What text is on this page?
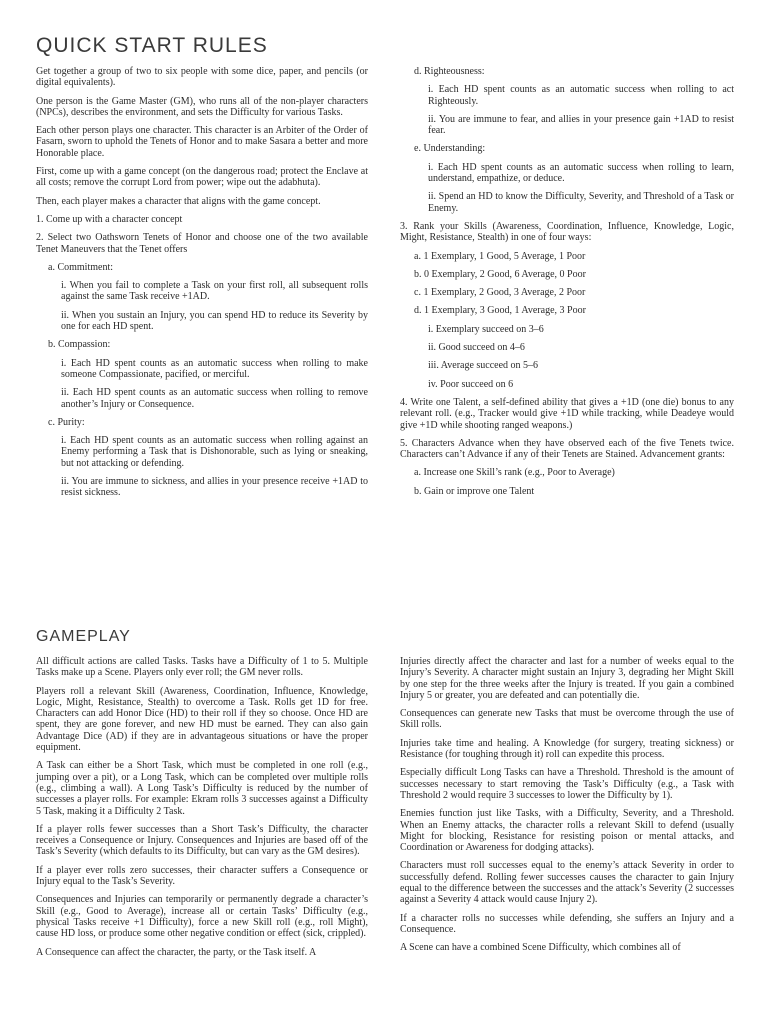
QUICK START RULES

Get together a group of two to six people with some dice, paper, and pencils (or digital equivalents).

One person is the Game Master (GM), who runs all of the non-player characters (NPCs), describes the environment, and sets the Difficulty for various Tasks.

Each other person plays one character. This character is an Arbiter of the Order of Fasarn, sworn to uphold the Tenets of Honor and to make Sasara a better and more Honorable place.

First, come up with a game concept (on the dangerous road; protect the Enclave at all costs; remove the corrupt Lord from power; wipe out the adabhuta).

Then, each player makes a character that aligns with the game concept.

1. Come up with a character concept

2. Select two Oathsworn Tenets of Honor and choose one of the two available Tenet Maneuvers that the Tenet offers

a. Commitment:

i. When you fail to complete a Task on your first roll, all subsequent rolls against the same Task receive +1AD.

ii. When you sustain an Injury, you can spend HD to reduce its Severity by one for each HD spent.

b. Compassion:

i. Each HD spent counts as an automatic success when rolling to make someone Compassionate, pacified, or merciful.

ii. Each HD spent counts as an automatic success when rolling to remove another’s Injury or Consequence.

c. Purity:

i. Each HD spent counts as an automatic success when rolling against an Enemy performing a Task that is Dishonorable, such as lying or sneaking, but not attacking or defending.

ii. You are immune to sickness, and allies in your presence receive +1AD to resist sickness.

d. Righteousness:

i. Each HD spent counts as an automatic success when rolling to act Righteously.

ii. You are immune to fear, and allies in your presence gain +1AD to resist fear.

e. Understanding:

i. Each HD spent counts as an automatic success when rolling to learn, understand, empathize, or deduce.

ii. Spend an HD to know the Difficulty, Severity, and Threshold of a Task or Enemy.

3. Rank your Skills (Awareness, Coordination, Influence, Knowledge, Logic, Might, Resistance, Stealth) in one of four ways:

a. 1 Exemplary, 1 Good, 5 Average, 1 Poor

b. 0 Exemplary, 2 Good, 6 Average, 0 Poor

c. 1 Exemplary, 2 Good, 3 Average, 2 Poor

d. 1 Exemplary, 3 Good, 1 Average, 3 Poor

i. Exemplary succeed on 3–6

ii. Good succeed on 4–6

iii. Average succeed on 5–6

iv. Poor succeed on 6

4. Write one Talent, a self-defined ability that gives a +1D (one die) bonus to any relevant roll. (e.g., Tracker would give +1D while tracking, while Deadeye would give +1D while shooting ranged weapons.)

5. Characters Advance when they have observed each of the five Tenets twice. Characters can’t Advance if any of their Tenets are Stained. Advancement grants:

a. Increase one Skill’s rank (e.g., Poor to Average)

b. Gain or improve one Talent

GAMEPLAY

All difficult actions are called Tasks. Tasks have a Difficulty of 1 to 5. Multiple Tasks make up a Scene. Players only ever roll; the GM never rolls.

Players roll a relevant Skill (Awareness, Coordination, Influence, Knowledge, Logic, Might, Resistance, Stealth) to overcome a Task. Rolls get 1D for free. Characters can add Honor Dice (HD) to their roll if they so choose. Once HD are spent, they are gone forever, and new HD must be earned. They can also gain Advantage Dice (AD) if they are in advantageous situations or have the proper equipment.

A Task can either be a Short Task, which must be completed in one roll (e.g., jumping over a pit), or a Long Task, which can be completed over multiple rolls (e.g., climbing a wall). A Long Task’s Difficulty is reduced by the number of successes a player rolls. For example: Ekram rolls 3 successes against a Difficulty 5 Task, making it a Difficulty 2 Task.

If a player rolls fewer successes than a Short Task’s Difficulty, the character receives a Consequence or Injury. Consequences and Injuries are based off of the Task’s Severity (which defaults to its Difficulty, but can vary as the GM desires).

If a player ever rolls zero successes, their character suffers a Consequence or Injury equal to the Task’s Severity.

Consequences and Injuries can temporarily or permanently degrade a character’s Skill (e.g., Good to Average), increase all or certain Tasks’ Difficulty (e.g., physical Tasks receive +1 Difficulty), force a new Skill roll (e.g., roll Might), cause HD loss, or produce some other negative condition or effect (sick, crippled).

A Consequence can affect the character, the party, or the Task itself. A

Injuries directly affect the character and last for a number of weeks equal to the Injury’s Severity. A character might sustain an Injury 3, degrading her Might Skill by one step for the three weeks after the Injury is treated. If you gain a combined Injury 5 or greater, you are defeated and can potentially die.

Consequences can generate new Tasks that must be overcome through the use of Skill rolls.

Injuries take time and healing. A Knowledge (for surgery, treating sickness) or Resistance (for toughing through it) roll can expedite this process.

Especially difficult Long Tasks can have a Threshold. Threshold is the amount of successes necessary to start removing the Task’s Difficulty (e.g., a Task with Threshold 2 would require 3 successes to lower the Difficulty by 1).

Enemies function just like Tasks, with a Difficulty, Severity, and a Threshold. When an Enemy attacks, the character rolls a relevant Skill to defend (usually Might for blocking, Resistance for resisting poison or mental attacks, and Coordination or Awareness for dodging attacks).

Characters must roll successes equal to the enemy’s attack Severity in order to successfully defend. Rolling fewer successes causes the character to gain Injury equal to the difference between the successes and the attack’s Severity (2 successes against a Severity 4 attack would cause Injury 2).

If a character rolls no successes while defending, she suffers an Injury and a Consequence.

A Scene can have a combined Scene Difficulty, which combines all of
